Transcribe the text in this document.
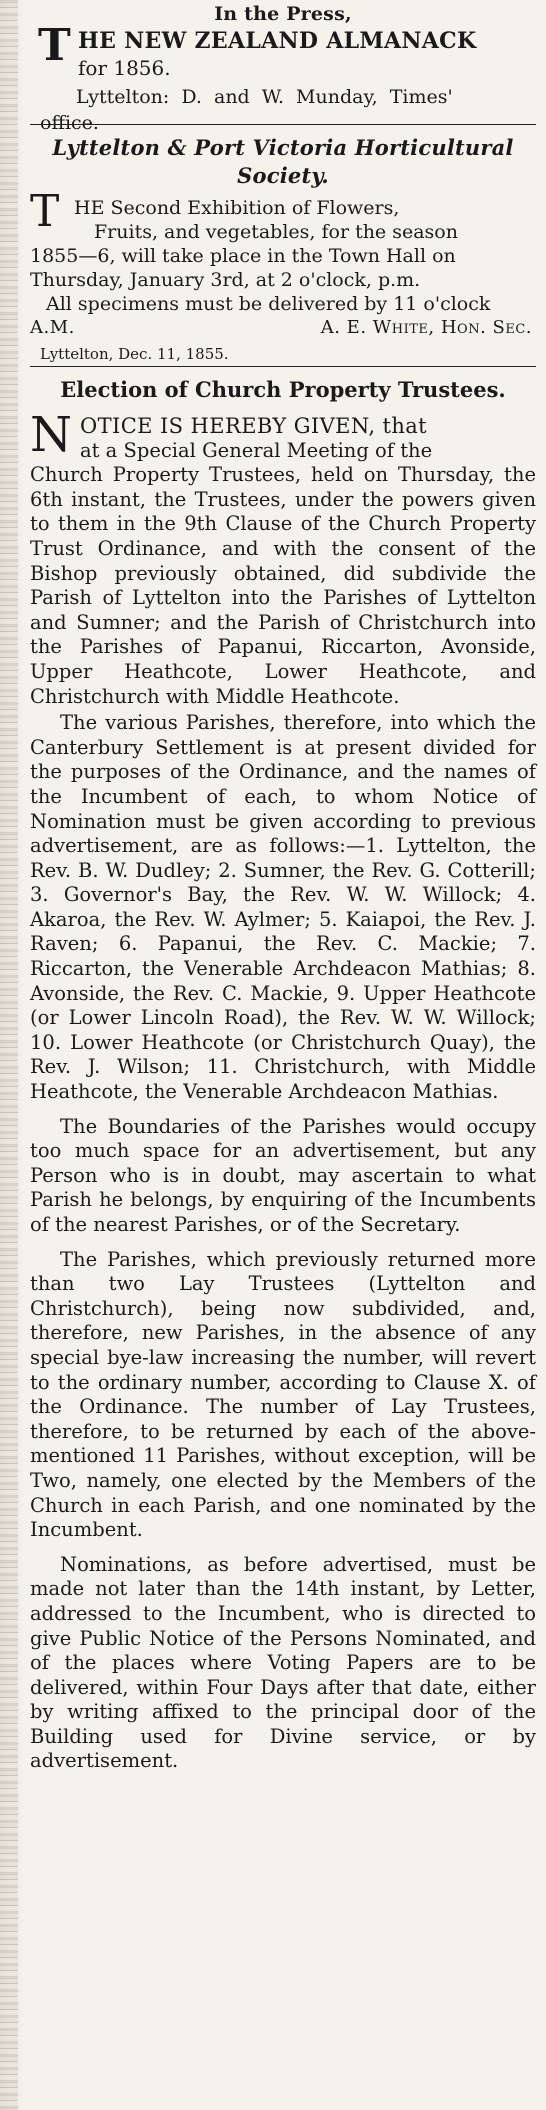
In the Press,
T HE NEW ZEALAND ALMANACK
for 1856.
Lyttelton: D. and W. Munday, Times'
office.
Lyttelton & Port Victoria Horticultural
Society.
T HE Second Exhibition of Flowers,
Fruits, and vegetables, for the season
1855—6, will take place in the Town Hall on
Thursday, January 3rd, at 2 o'clock, p.m.
All specimens must be delivered by 11 o'clock
A.M.	A. E. White, Hon. Sec.
Lyttelton, Dec. 11, 1855.
Election of Church Property Trustees.
N OTICE IS HEREBY GIVEN, that
at a Special General Meeting of the

Church Property Trustees, held on Thursday, the 6th instant, the Trustees, under the powers given to them in the 9th Clause of the Church Property Trust Ordinance, and with the consent of the Bishop previously obtained, did subdivide the Parish of Lyttelton into the Parishes of Lyttelton and Sumner; and the Parish of Christchurch into the Parishes of Papanui, Riccarton, Avonside, Upper Heathcote, Lower Heathcote, and Christchurch with Middle Heathcote.

The various Parishes, therefore, into which the Canterbury Settlement is at present divided for the purposes of the Ordinance, and the names of the Incumbent of each, to whom Notice of Nomination must be given according to previous advertisement, are as follows:—1. Lyttelton, the Rev. B. W. Dudley; 2. Sumner, the Rev. G. Cotterill; 3. Governor's Bay, the Rev. W. W. Willock; 4. Akaroa, the Rev. W. Aylmer; 5. Kaiapoi, the Rev. J. Raven; 6. Papanui, the Rev. C. Mackie; 7. Riccarton, the Venerable Archdeacon Mathias; 8. Avonside, the Rev. C. Mackie, 9. Upper Heathcote (or Lower Lincoln Road), the Rev. W. W. Willock; 10. Lower Heathcote (or Christchurch Quay), the Rev. J. Wilson; 11. Christchurch, with Middle Heathcote, the Venerable Archdeacon Mathias.

The Boundaries of the Parishes would occupy too much space for an advertisement, but any Person who is in doubt, may ascertain to what Parish he belongs, by enquiring of the Incumbents of the nearest Parishes, or of the Secretary.

The Parishes, which previously returned more than two Lay Trustees (Lyttelton and Christchurch), being now subdivided, and, therefore, new Parishes, in the absence of any special bye-law increasing the number, will revert to the ordinary number, according to Clause X. of the Ordinance. The number of Lay Trustees, therefore, to be returned by each of the above-mentioned 11 Parishes, without exception, will be Two, namely, one elected by the Members of the Church in each Parish, and one nominated by the Incumbent.

Nominations, as before advertised, must be made not later than the 14th instant, by Letter, addressed to the Incumbent, who is directed to give Public Notice of the Persons Nominated, and of the places where Voting Papers are to be delivered, within Four Days after that date, either by writing affixed to the principal door of the Building used for Divine service, or by advertisement.
